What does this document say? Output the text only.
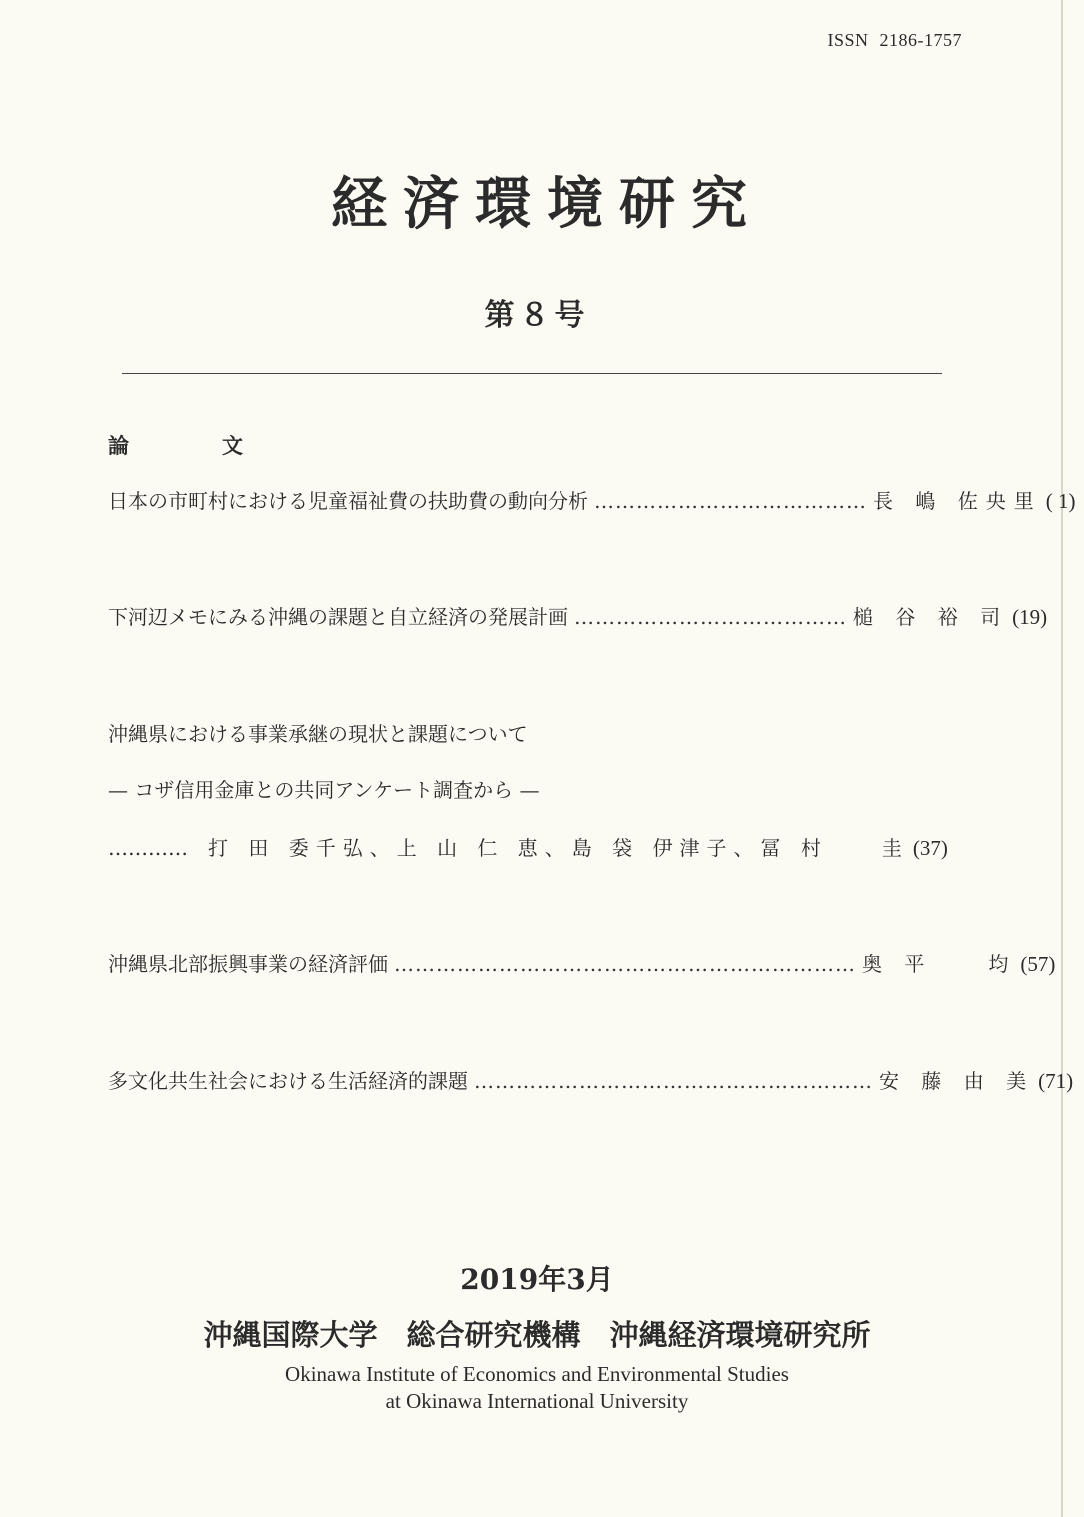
ISSN 2186-1757
経済環境研究
第８号
論　文
日本の市町村における児童福祉費の扶助費の動向分析 ………………………………… 長 嶋 佐央里 ( 1)
下河辺メモにみる沖縄の課題と自立経済の発展計画 ………………………………… 槌 谷 裕 司 (19)
沖縄県における事業承継の現状と課題について
— コザ信用金庫との共同アンケート調査から —
………… 打 田 委千弘、上 山 仁 恵、島 袋 伊津子、冨 村　　圭 (37)
沖縄県北部振興事業の経済評価 ………………………………………………………… 奥 平　　均 (57)
多文化共生社会における生活経済的課題 ………………………………………………… 安 藤 由 美 (71)
2019年3月
沖縄国際大学　総合研究機構　沖縄経済環境研究所
Okinawa Institute of Economics and Environmental Studies
at Okinawa International University
